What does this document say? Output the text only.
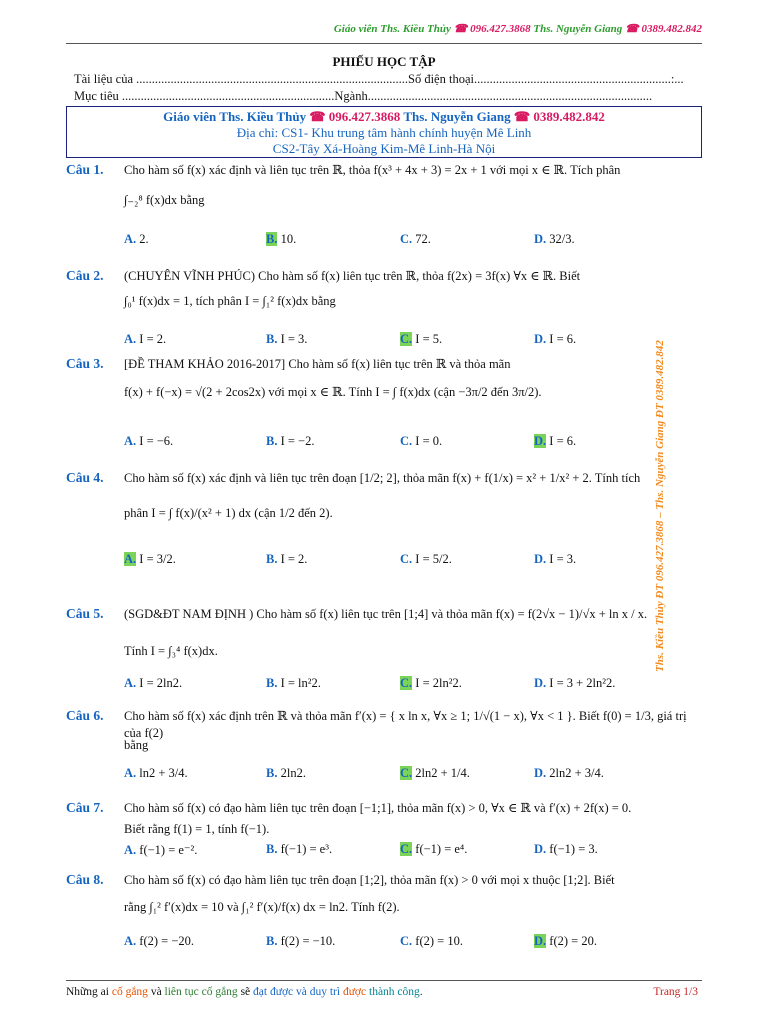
Giáo viên Ths. Kiều Thủy ☎ 096.427.3868 Ths. Nguyễn Giang ☎ 0389.482.842
PHIẾU HỌC TẬP
Tài liệu của .......................................................................................Số điện thoại...............................................................:...
Mục tiêu ....................................................................Ngành...........................................................................................
Giáo viên Ths. Kiều Thủy ☎ 096.427.3868 Ths. Nguyễn Giang ☎ 0389.482.842
Địa chỉ: CS1- Khu trung tâm hành chính huyện Mê Linh
CS2-Tây Xá-Hoàng Kim-Mê Linh-Hà Nội
Câu 1. Cho hàm số f(x) xác định và liên tục trên ℝ, thỏa f(x³ + 4x + 3) = 2x + 1 với mọi x ∈ ℝ. Tích phân
∫₋₂⁸ f(x)dx bằng
A. 2.	B. 10.	C. 72.	D. 32/3.
Câu 2. (CHUYÊN VĨNH PHÚC) Cho hàm số f(x) liên tục trên ℝ, thỏa f(2x) = 3f(x) ∀x ∈ ℝ. Biết
∫₀¹ f(x)dx = 1, tích phân I = ∫₁² f(x)dx bằng
A. I = 2.	B. I = 3.	C. I = 5.	D. I = 6.
Câu 3. [ĐỀ THAM KHẢO 2016-2017] Cho hàm số f(x) liên tục trên ℝ và thỏa mãn
f(x) + f(−x) = √(2 + 2cos2x) với mọi x ∈ ℝ. Tính I = ∫ f(x)dx (cận −3π/2 đến 3π/2).
A. I = −6.	B. I = −2.	C. I = 0.	D. I = 6.
Câu 4. Cho hàm số f(x) xác định và liên tục trên đoạn [1/2; 2], thỏa mãn f(x) + f(1/x) = x² + 1/x² + 2. Tính tích
phân I = ∫ f(x)/(x² + 1) dx (cận 1/2 đến 2).
A. I = 3/2.	B. I = 2.	C. I = 5/2.	D. I = 3.
Câu 5. (SGD&ĐT NAM ĐỊNH ) Cho hàm số f(x) liên tục trên [1;4] và thỏa mãn f(x) = f(2√x − 1)/√x + ln x / x.
Tính I = ∫₃⁴ f(x)dx.
A. I = 2ln2.	B. I = ln²2.	C. I = 2ln²2.	D. I = 3 + 2ln²2.
Câu 6. Cho hàm số f(x) xác định trên ℝ và thỏa mãn f′(x) = { x ln x, ∀x ≥ 1; 1/√(1 − x), ∀x < 1 }. Biết f(0) = 1/3, giá trị của f(2)
bằng
A. ln2 + 3/4.	B. 2ln2.	C. 2ln2 + 1/4.	D. 2ln2 + 3/4.
Câu 7. Cho hàm số f(x) có đạo hàm liên tục trên đoạn [−1;1], thỏa mãn f(x) > 0, ∀x ∈ ℝ và f′(x) + 2f(x) = 0.
Biết rằng f(1) = 1, tính f(−1).
A. f(−1) = e⁻².	B. f(−1) = e³.	C. f(−1) = e⁴.	D. f(−1) = 3.
Câu 8. Cho hàm số f(x) có đạo hàm liên tục trên đoạn [1;2], thỏa mãn f(x) > 0 với mọi x thuộc [1;2]. Biết
rằng ∫₁² f′(x)dx = 10 và ∫₁² f′(x)/f(x) dx = ln2. Tính f(2).
A. f(2) = −20.	B. f(2) = −10.	C. f(2) = 10.	D. f(2) = 20.
Ths. Kiều Thủy ĐT 096.427.3868 – Ths. Nguyễn Giang ĐT 0389.482.842
Những ai cố gắng và liên tục cố gắng sẽ đạt được và duy trì được thành công.	Trang 1/3
